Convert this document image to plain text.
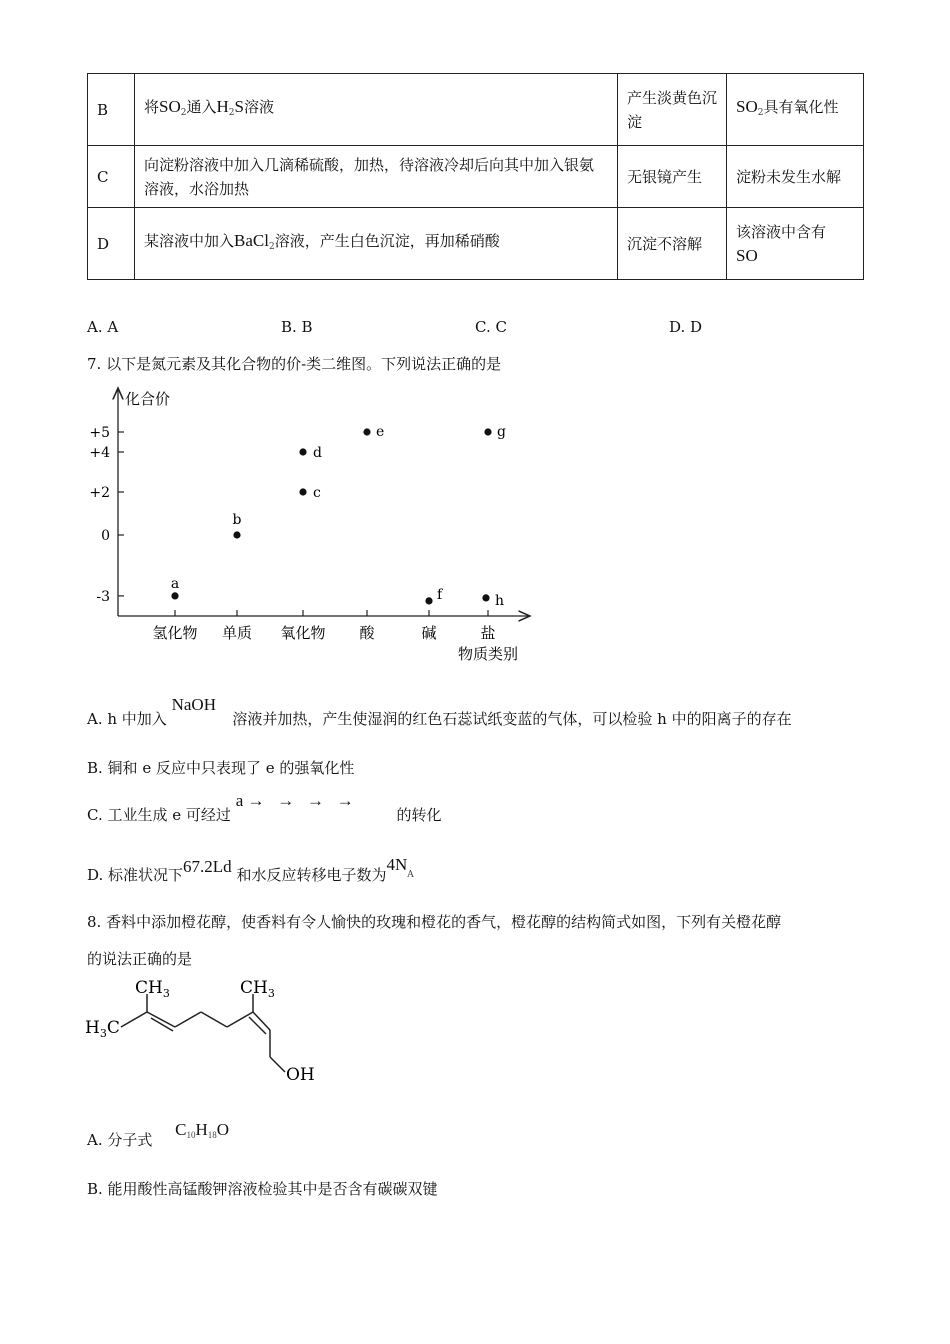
B	将$SO_2$通入$H_2S$溶液	产生淡黄色沉淀	$SO_2$具有氧化性
C	向淀粉溶液中加入几滴稀硫酸，加热，待溶液冷却后向其中加入银氨溶液，水浴加热	无银镜产生	淀粉未发生水解
D	某溶液中加入BaCl$_2$溶液，产生白色沉淀，再加稀硝酸	沉淀不溶解	该溶液中含有
SO
A. A	B. B	C. C	D. D
7. 以下是氮元素及其化合物的价-类二维图。下列说法正确的是
化合价
物质类别
+5
+4
+2
0
-3
氢化物 单质 氧化物 酸	碱	盐
a
b
c
d
e
f
g
h
A. h 中加入 NaOH 溶液并加热，产生使湿润的红色石蕊试纸变蓝的气体，可以检验 h 中的阳离子的存在
B. 铜和 e 反应中只表现了 e 的强氧化性
C. 工业生成 e 可经过 a →   →   →   → 的转化
D. 标准状况下67.2Ld 和水反应转移电子数为$4N^A$
8. 香料中添加橙花醇，使香料有令人愉快的玫瑰和橙花的香气，橙花醇的结构简式如图，下列有关橙花醇
的说法正确的是
$CH_3$	$CH_3$
$H_3C$
OH
A. 分子式 $C_{10}H_{18}O$
B. 能用酸性高锰酸钾溶液检验其中是否含有碳碳双键
